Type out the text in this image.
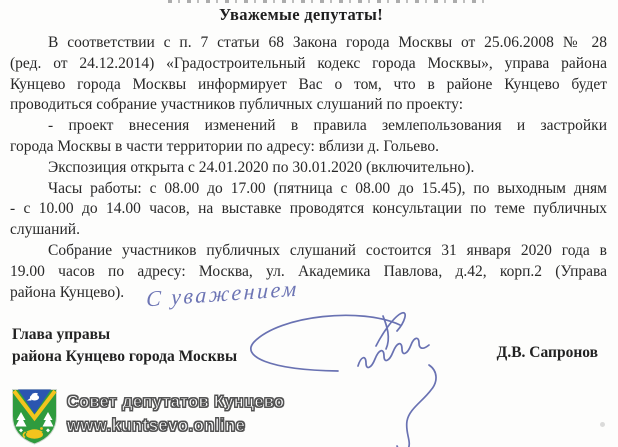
Уважемые депутаты!
В соответствии с п. 7 статьи 68 Закона города Москвы от 25.06.2008 № 28
(ред. от 24.12.2014) «Градостроительный кодекс города Москвы», управа района
Кунцево города Москвы информирует Вас о том, что в районе Кунцево будет
проводиться собрание участников публичных слушаний по проекту:
- проект внесения изменений в правила землепользования и застройки
города Москвы в части территории по адресу: вблизи д. Гольево.
Экспозиция открыта с 24.01.2020 по 30.01.2020 (включительно).
Часы работы: с 08.00 до 17.00 (пятница с 08.00 до 15.45), по выходным дням
- с 10.00 до 14.00 часов, на выставке проводятся консультации по теме публичных
слушаний.
Собрание участников публичных слушаний состоится 31 января 2020 года в
19.00 часов по адресу: Москва, ул. Академика Павлова, д.42, корп.2 (Управа
района Кунцево). С уважением
Глава управы
района Кунцево города Москвы	Д.В. Сапронов
Совет депутатов Кунцево
www.kuntsevo.online
